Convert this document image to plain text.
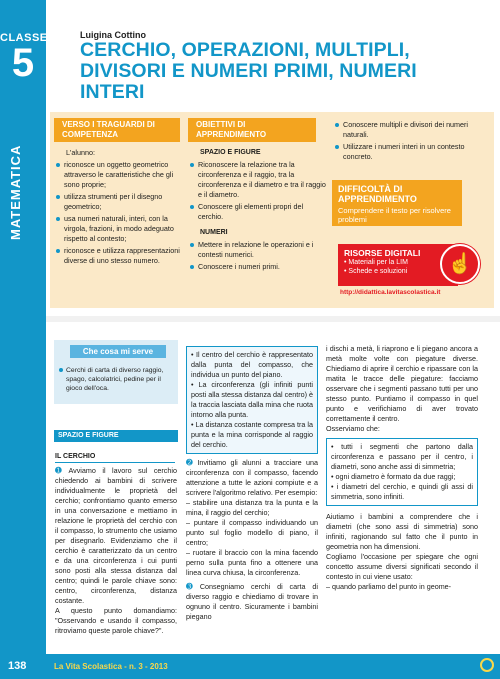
CLASSE
5
MATEMATICA
Luigina Cottino
CERCHIO, OPERAZIONI, MULTIPLI, DIVISORI E NUMERI PRIMI, NUMERI INTERI
VERSO I TRAGUARDI DI COMPETENZA

L'alunno:

riconosce un oggetto geometrico attraverso le caratteristiche che gli sono proprie;
utilizza strumenti per il disegno geometrico;
usa numeri naturali, interi, con la virgola, frazioni, in modo adeguato rispetto al contesto;
riconosce e utilizza rappresentazioni diverse di uno stesso numero.
OBIETTIVI DI APPRENDIMENTO
SPAZIO E FIGURE
Riconoscere la relazione tra la circonferenza e il raggio, tra la circonferenza e il diametro e tra il raggio e il diametro.
Conoscere gli elementi propri del cerchio.
NUMERI
Mettere in relazione le operazioni e i contesti numerici.
Conoscere i numeri primi.
Conoscere multipli e divisori dei numeri naturali.
Utilizzare i numeri interi in un contesto concreto.
DIFFICOLTÀ DI APPRENDIMENTO
Comprendere il testo per risolvere problemi
RISORSE DIGITALI
• Materiali per la LIM
• Schede e soluzioni	☝
http://didattica.lavitascolastica.it
Che cosa mi serve
Cerchi di carta di diverso raggio, spago, calcolatrici, pedine per il gioco dell'oca.
SPAZIO E FIGURE
IL CERCHIO

➊ Avviamo il lavoro sul cerchio chiedendo ai bambini di scrivere individualmente le proprietà del cerchio; confrontiamo quanto emerso in una conversazione e mettiamo in relazione le proprietà del cerchio con il compasso, lo strumento che usiamo per disegnarlo. Evidenziamo che il cerchio è caratterizzato da un centro e da una circonferenza i cui punti sono posti alla stessa distanza dal centro; quindi le parole chiave sono: centro, circonferenza, distanza costante.

A questo punto domandiamo: "Osservando e usando il compasso, ritroviamo queste parole chiave?".

• Il centro del cerchio è rappresentato dalla punta del compasso, che individua un punto del piano.

• La circonferenza (gli infiniti punti posti alla stessa distanza dal centro) è la traccia lasciata dalla mina che ruota intorno alla punta.

• La distanza costante compresa tra la punta e la mina corrisponde al raggio del cerchio.

➋ Invitiamo gli alunni a tracciare una circonferenza con il compasso, facendo attenzione a tutte le azioni compiute e a scrivere l'algoritmo relativo. Per esempio:

– stabilire una distanza tra la punta e la mina, il raggio del cerchio;

– puntare il compasso individuando un punto sul foglio modello di piano, il centro;

– ruotare il braccio con la mina facendo perno sulla punta fino a ottenere una linea curva chiusa, la circonferenza.

➌ Consegniamo cerchi di carta di diverso raggio e chiediamo di trovare in ognuno il centro. Sicuramente i bambini piegano

i dischi a metà, li riaprono e li piegano ancora a metà molte volte con piegature diverse. Chiediamo di aprire il cerchio e ripassare con la matita le tracce delle piegature: facciamo osservare che i segmenti passano tutti per uno stesso punto. Puntiamo il compasso in quel punto e verifichiamo di aver trovato correttamente il centro.

Osserviamo che:

• tutti i segmenti che partono dalla circonferenza e passano per il centro, i diametri, sono anche assi di simmetria;

• ogni diametro è formato da due raggi;

• i diametri del cerchio, e quindi gli assi di simmetria, sono infiniti.

Aiutiamo i bambini a comprendere che i diametri (che sono assi di simmetria) sono infiniti, ragionando sul fatto che il punto in geometria non ha dimensioni.

Cogliamo l'occasione per spiegare che ogni concetto assume diversi significati secondo il contesto in cui viene usato:

– quando parliamo del punto in geome-

138	La Vita Scolastica - n. 3 - 2013
